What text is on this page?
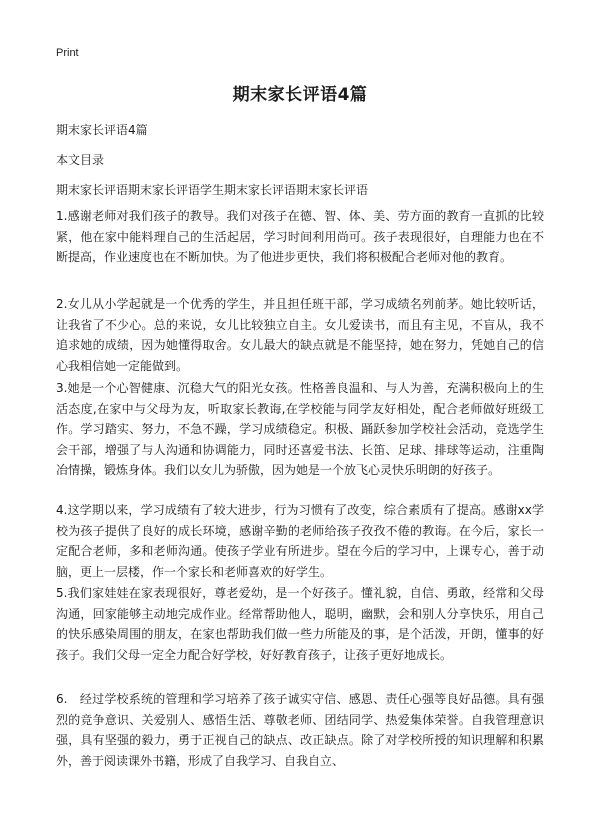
Print
期末家长评语4篇
期末家长评语4篇
本文目录
期末家长评语期末家长评语学生期末家长评语期末家长评语

1.感谢老师对我们孩子的教导。我们对孩子在德、智、体、美、劳方面的教育一直抓的比较紧，他在家中能料理自己的生活起居，学习时间利用尚可。孩子表现很好，自理能力也在不断提高，作业速度也在不断加快。为了他进步更快，我们将积极配合老师对他的教育。

2.女儿从小学起就是一个优秀的学生，并且担任班干部，学习成绩名列前茅。她比较听话，让我省了不少心。总的来说，女儿比较独立自主。女儿爱读书，而且有主见，不盲从，我不追求她的成绩，因为她懂得取舍。女儿最大的缺点就是不能坚持，她在努力，凭她自己的信心我相信她一定能做到。

3.她是一个心智健康、沉稳大气的阳光女孩。性格善良温和、与人为善，充满积极向上的生活态度,在家中与父母为友，听取家长教诲,在学校能与同学友好相处，配合老师做好班级工作。学习踏实、努力，不急不躁，学习成绩稳定。积极、踊跃参加学校社会活动，竞选学生会干部，增强了与人沟通和协调能力，同时还喜爱书法、长笛、足球、排球等运动，注重陶冶情操，锻炼身体。我们以女儿为骄傲，因为她是一个放飞心灵快乐明朗的好孩子。

4.这学期以来，学习成绩有了较大进步，行为习惯有了改变，综合素质有了提高。感谢xx学校为孩子提供了良好的成长环境，感谢辛勤的老师给孩子孜孜不倦的教诲。在今后，家长一定配合老师，多和老师沟通。使孩子学业有所进步。望在今后的学习中，上课专心，善于动脑，更上一层楼，作一个家长和老师喜欢的好学生。

5.我们家娃娃在家表现很好，尊老爱幼，是一个好孩子。懂礼貌，自信、勇敢，经常和父母沟通，回家能够主动地完成作业。经常帮助他人，聪明，幽默，会和别人分享快乐，用自己的快乐感染周围的朋友，在家也帮助我们做一些力所能及的事，是个活泼，开朗，懂事的好孩子。我们父母一定全力配合好学校，好好教育孩子，让孩子更好地成长。

6.　经过学校系统的管理和学习培养了孩子诚实守信、感恩、责任心强等良好品德。具有强烈的竞争意识、关爱别人、感悟生活、尊敬老师、团结同学、热爱集体荣誉。自我管理意识强，具有坚强的毅力，勇于正视自己的缺点、改正缺点。除了对学校所授的知识理解和积累外，善于阅读课外书籍，形成了自我学习、自我自立、
